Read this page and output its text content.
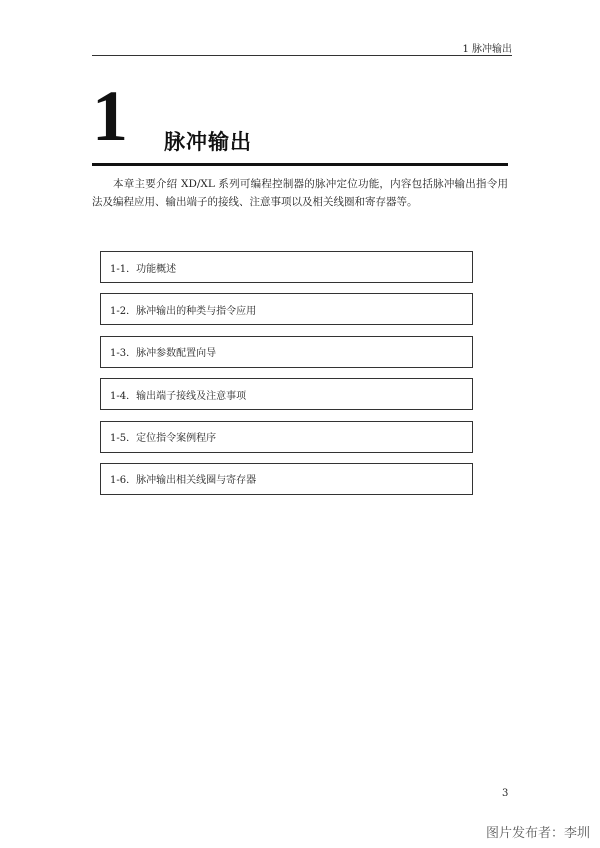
1 脉冲输出
1 脉冲输出

本章主要介绍 XD/XL 系列可编程控制器的脉冲定位功能，内容包括脉冲输出指令用法及编程应用、输出端子的接线、注意事项以及相关线圈和寄存器等。

1-1．功能概述
1-2．脉冲输出的种类与指令应用
1-3．脉冲参数配置向导
1-4．输出端子接线及注意事项
1-5．定位指令案例程序
1-6．脉冲输出相关线圈与寄存器
3
图片发布者：李圳
